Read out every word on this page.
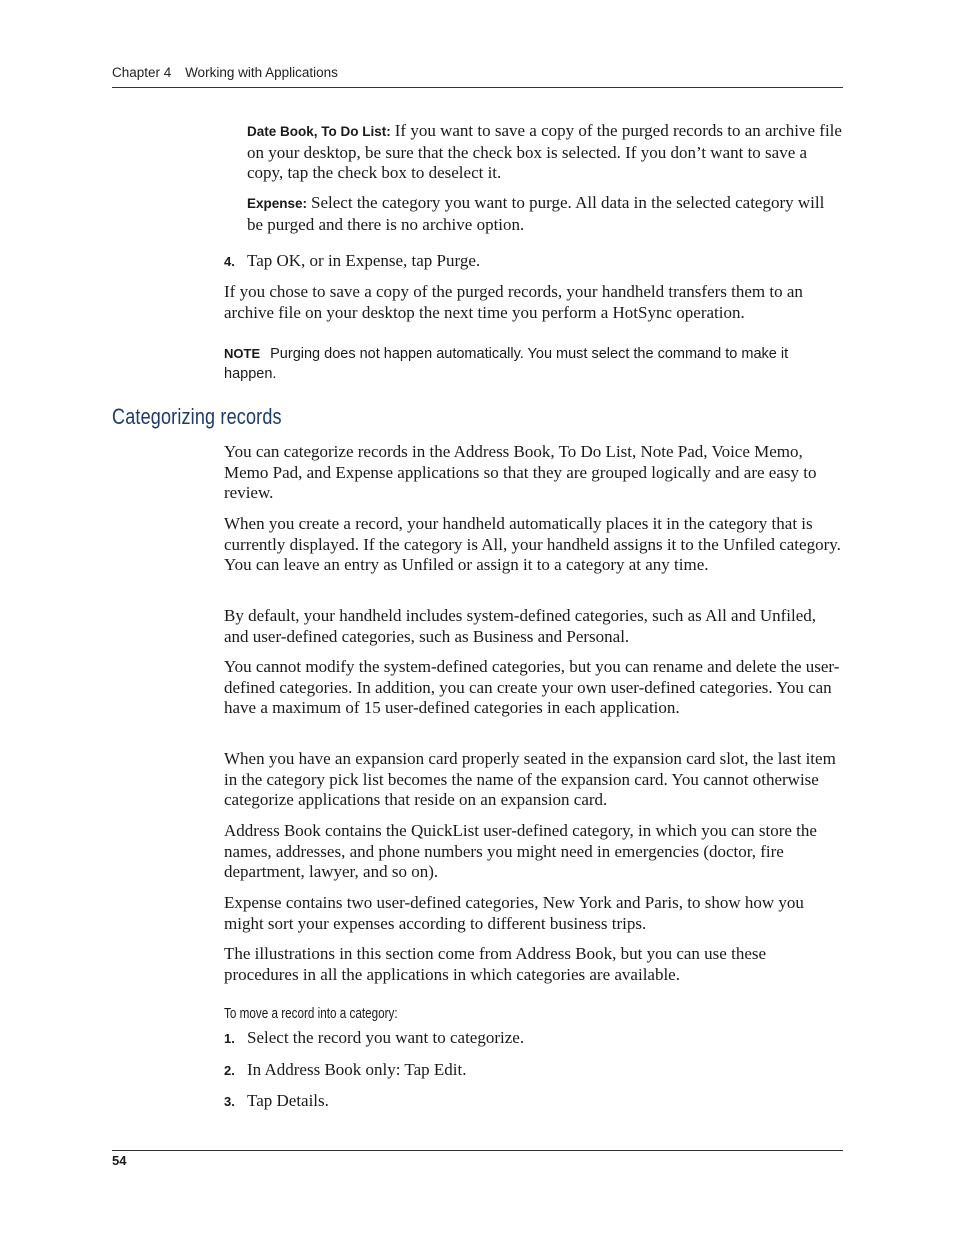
Chapter 4 Working with Applications

Date Book, To Do List: If you want to save a copy of the purged records to an archive file on your desktop, be sure that the check box is selected. If you don’t want to save a copy, tap the check box to deselect it.

Expense: Select the category you want to purge. All data in the selected category will be purged and there is no archive option.

4. Tap OK, or in Expense, tap Purge.

If you chose to save a copy of the purged records, your handheld transfers them to an archive file on your desktop the next time you perform a HotSync operation.

NOTE Purging does not happen automatically. You must select the command to make it happen.

Categorizing records

You can categorize records in the Address Book, To Do List, Note Pad, Voice Memo, Memo Pad, and Expense applications so that they are grouped logically and are easy to review.

When you create a record, your handheld automatically places it in the category that is currently displayed. If the category is All, your handheld assigns it to the Unfiled category. You can leave an entry as Unfiled or assign it to a category at any time.

By default, your handheld includes system-defined categories, such as All and Unfiled, and user-defined categories, such as Business and Personal.

You cannot modify the system-defined categories, but you can rename and delete the user-defined categories. In addition, you can create your own user-defined categories. You can have a maximum of 15 user-defined categories in each application.

When you have an expansion card properly seated in the expansion card slot, the last item in the category pick list becomes the name of the expansion card. You cannot otherwise categorize applications that reside on an expansion card.

Address Book contains the QuickList user-defined category, in which you can store the names, addresses, and phone numbers you might need in emergencies (doctor, fire department, lawyer, and so on).

Expense contains two user-defined categories, New York and Paris, to show how you might sort your expenses according to different business trips.

The illustrations in this section come from Address Book, but you can use these procedures in all the applications in which categories are available.

To move a record into a category:

1. Select the record you want to categorize.

2. In Address Book only: Tap Edit.

3. Tap Details.

54
